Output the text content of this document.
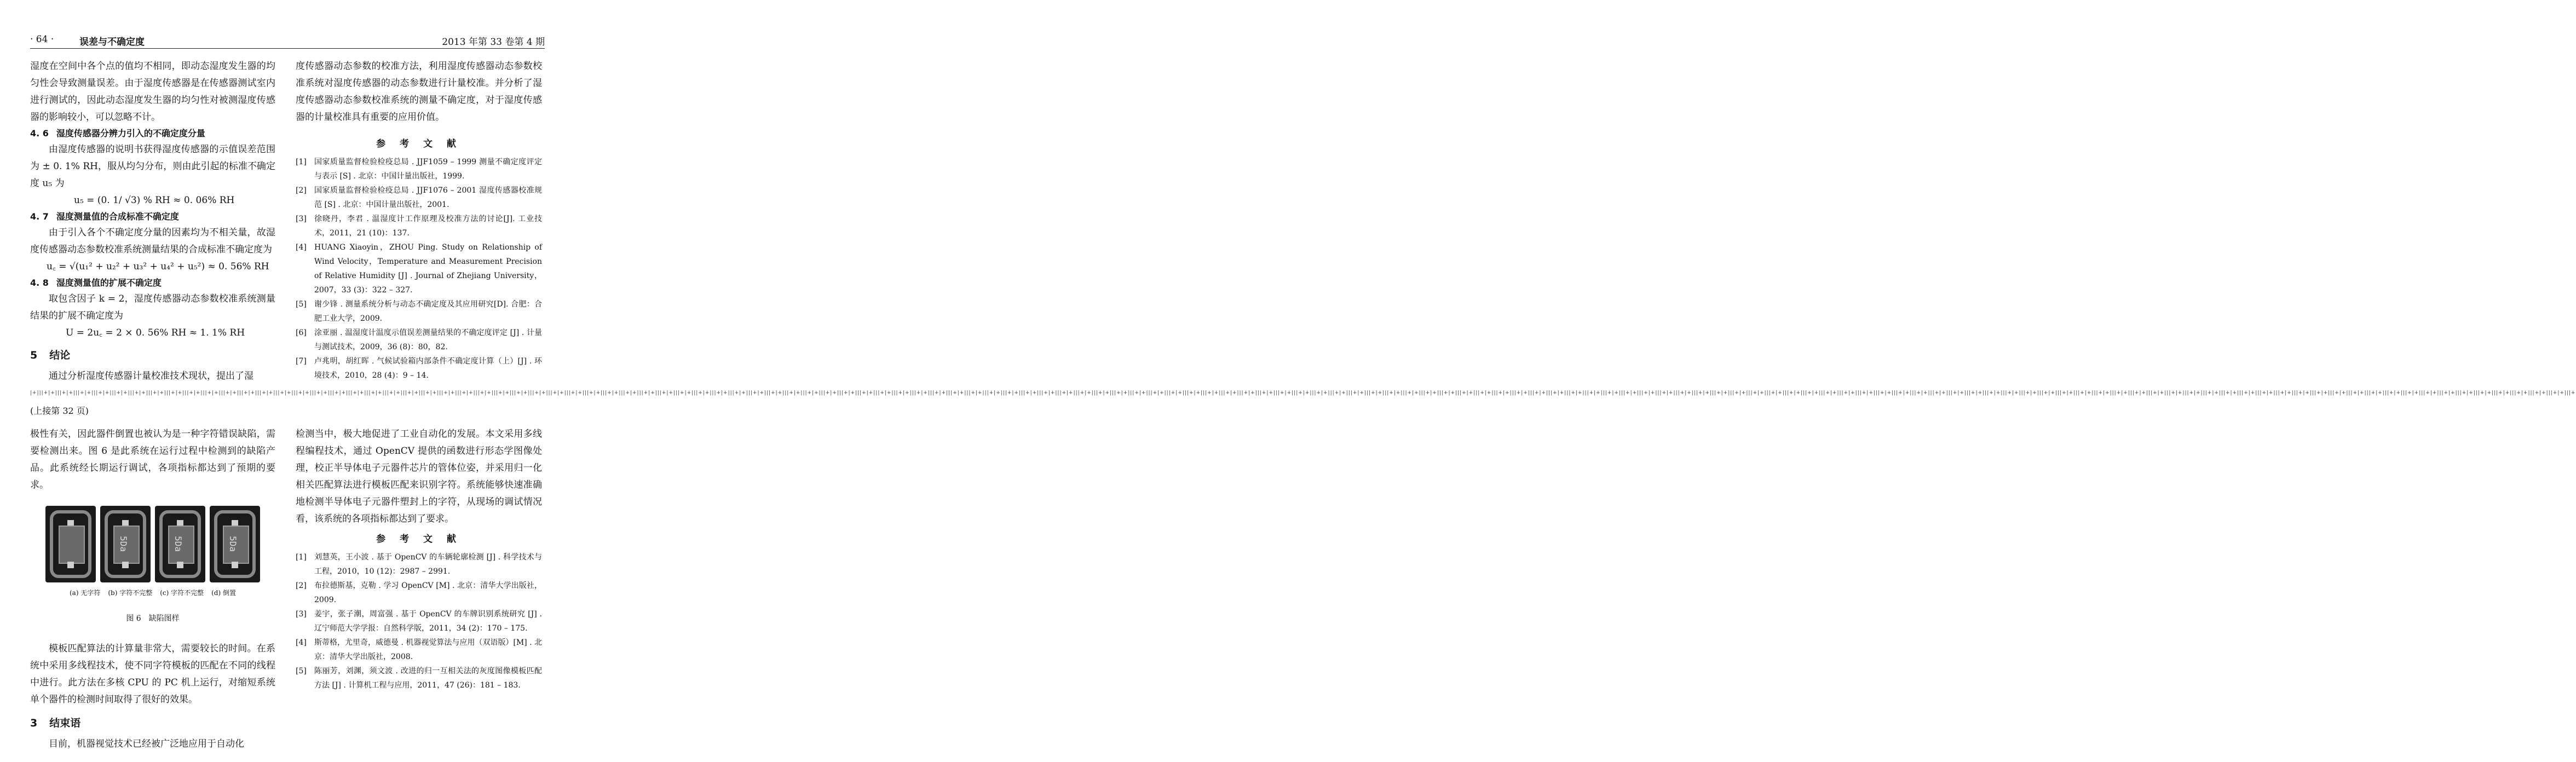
· 64 ·	误差与不确定度	2013 年第 33 卷第 4 期

湿度在空间中各个点的值均不相同，即动态湿度发生器的均匀性会导致测量误差。由于湿度传感器是在传感器测试室内进行测试的，因此动态湿度发生器的均匀性对被测湿度传感器的影响较小，可以忽略不计。

4. 6 湿度传感器分辨力引入的不确定度分量

由湿度传感器的说明书获得湿度传感器的示值误差范围为 ± 0. 1% RH，服从均匀分布，则由此引起的标准不确定度 u₅ 为

u₅ = (0. 1/ √3) % RH ≈ 0. 06% RH

4. 7 湿度测量值的合成标准不确定度

由于引入各个不确定度分量的因素均为不相关量，故湿度传感器动态参数校准系统测量结果的合成标准不确定度为

u꜀ = √(u₁² + u₂² + u₃² + u₄² + u₅²) ≈ 0. 56% RH

4. 8 湿度测量值的扩展不确定度

取包含因子 k = 2，湿度传感器动态参数校准系统测量结果的扩展不确定度为

U = 2u꜀ = 2 × 0. 56% RH ≈ 1. 1% RH

5 结论

通过分析湿度传感器计量校准技术现状，提出了湿

度传感器动态参数的校准方法，利用湿度传感器动态参数校准系统对湿度传感器的动态参数进行计量校准。并分析了湿度传感器动态参数校准系统的测量不确定度，对于湿度传感器的计量校准具有重要的应用价值。

参 考 文 献
[1]	国家质量监督检验检疫总局 . JJF1059 – 1999 测量不确定度评定与表示 [S] . 北京：中国计量出版社，1999.
[2]	国家质量监督检验检疫总局 . JJF1076 – 2001 湿度传感器校准规范 [S] . 北京：中国计量出版社，2001.
[3]	徐晓丹，李君 . 温湿度计工作原理及校准方法的讨论[J]. 工业技术，2011，21 (10)：137.
[4]	HUANG Xiaoyin，ZHOU Ping. Study on Relationship of Wind Velocity，Temperature and Measurement Precision of Relative Humidity [J] . Journal of Zhejiang University，2007，33 (3)：322 – 327.
[5]	谢少锋 . 测量系统分析与动态不确定度及其应用研究[D]. 合肥：合肥工业大学，2009.
[6]	涂亚丽 . 温湿度计温度示值误差测量结果的不确定度评定 [J] . 计量与测试技术，2009，36 (8)：80，82.
[7]	卢兆明，胡红晖 . 气候试验箱内部条件不确定度计算（上）[J] . 环境技术，2010，28 (4)：9 – 14.
|+|||+|+|||+|+|||+|+|||+|+|||+|+|||+|+|||+|+|||+|+|||+|+|||+|+|||+|+|||+|+|||+|+|||+|+|||+|+|||+|+|||+|+|||+|+|||+|+|||+|+|||+|+|||+|+|||+|+|||+|+|||+|+|||+|+|||+|+|||+|+|||+|+|||+|+|||+|+|||+|+|||+|+|||+|+|||+|+|||+|+|||+|+|||+|+|||+|+|||+|+|||+|+|||+|+|||+|+|||+|+|||+|+|||+|+|||+|+|||+|+|||+|+|||+|+|||+|+|||+|+|||+|+|||+|+|||+|+|||+|+|||+|+|||+|+|||+|+|||+|+|||+|+|||+|+|||+|+|||+|+|||+|+|||+|+|||+|+|||+|+|||+|+|||+|+|||+|+|||+|+|||+|+|||+|+|||+|+|||+|+|||+|+|||+|+|||+|+|||+|+|||+|+|||+|+|||+|+|||+|+|||+|+|||+|+|||+|+|||+|+|||+|+|||+|+|||+|+|||+|+|||+|+|||+|+|||+|+|||+|+|||+|+|||+|+|||+|+|||+|+|||+|+|||+|+|||+|+|||+|+|||+|+|||+|+|||+|+|||+|+|||+|+|||+|+|||+|+|||+|+|||+|+|||+|+|||+|+|||+|+|||+|+|||+|+|||+|+|||+|+|||+|+|||+|+|||+|+|||+|+|||+|+|||+|+|||+|+|||+|+|||+|+|||+|+|||+|+|||+|+|||+|+|||+|+|||+|+|||+|+|||+|+|||+|+|||+|+|||+
(上接第 32 页)

极性有关，因此器件倒置也被认为是一种字符错误缺陷，需要检测出来。图 6 是此系统在运行过程中检测到的缺陷产品。此系统经长期运行调试，各项指标都达到了预期的要求。

5Da	5Da	5Da
(a) 无字符 (b) 字符不完整 (c) 字符不完整 (d) 倒置
图 6　缺陷图样

模板匹配算法的计算量非常大，需要较长的时间。在系统中采用多线程技术，使不同字符模板的匹配在不同的线程中进行。此方法在多核 CPU 的 PC 机上运行，对缩短系统单个器件的检测时间取得了很好的效果。

3 结束语

目前，机器视觉技术已经被广泛地应用于自动化

检测当中，极大地促进了工业自动化的发展。本文采用多线程编程技术，通过 OpenCV 提供的函数进行形态学图像处理，校正半导体电子元器件芯片的管体位姿，并采用归一化相关匹配算法进行模板匹配来识别字符。系统能够快速准确地检测半导体电子元器件塑封上的字符，从现场的调试情况看，该系统的各项指标都达到了要求。

参 考 文 献
[1]	刘慧英，王小波 . 基于 OpenCV 的车辆轮廓检测 [J] . 科学技术与工程，2010，10 (12)：2987 – 2991.
[2]	布拉德斯基，克勒 . 学习 OpenCV [M] . 北京：清华大学出版社，2009.
[3]	姜宇，张子潮，周富强 . 基于 OpenCV 的车牌识别系统研究 [J] . 辽宁师范大学学报：自然科学版，2011，34 (2)：170 – 175.
[4]	斯蒂格，尤里奇，威德曼 . 机器视觉算法与应用（双语版）[M] . 北京：清华大学出版社，2008.
[5]	陈丽芳，刘渊，须文波 . 改进的归一互相关法的灰度图像模板匹配方法 [J] . 计算机工程与应用，2011，47 (26)：181 – 183.
